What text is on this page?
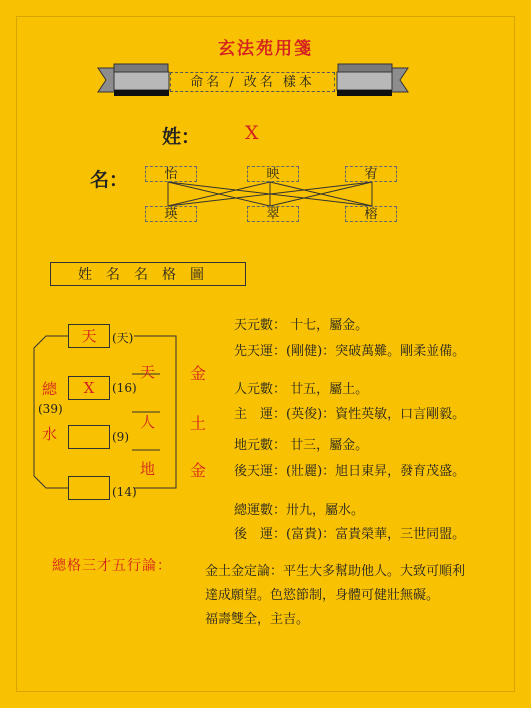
玄法苑用箋
命名 / 改名 樣本
姓： X
名：	怡	映	宥
瑛	翠	榕
姓名名格圖
天
X
(天)
(16)
(9)
(14)
總
(39)
水
天
人
地
金
土
金
天元數： 十七，屬金。
先天運：(剛健)：突破萬難。剛柔並備。
人元數： 廿五，屬土。
主　運：(英俊)：資性英敏，口言剛毅。
地元數： 廿三，屬金。
後天運：(壯麗)：旭日東昇，發育茂盛。
總運數：卅九，屬水。
後　運：(富貴)：富貴榮華，三世同盟。
總格三才五行論：	金土金定論：平生大多幫助他人。大致可順利
達成願望。色慾節制，身體可健壯無礙。
福壽雙全，主吉。
